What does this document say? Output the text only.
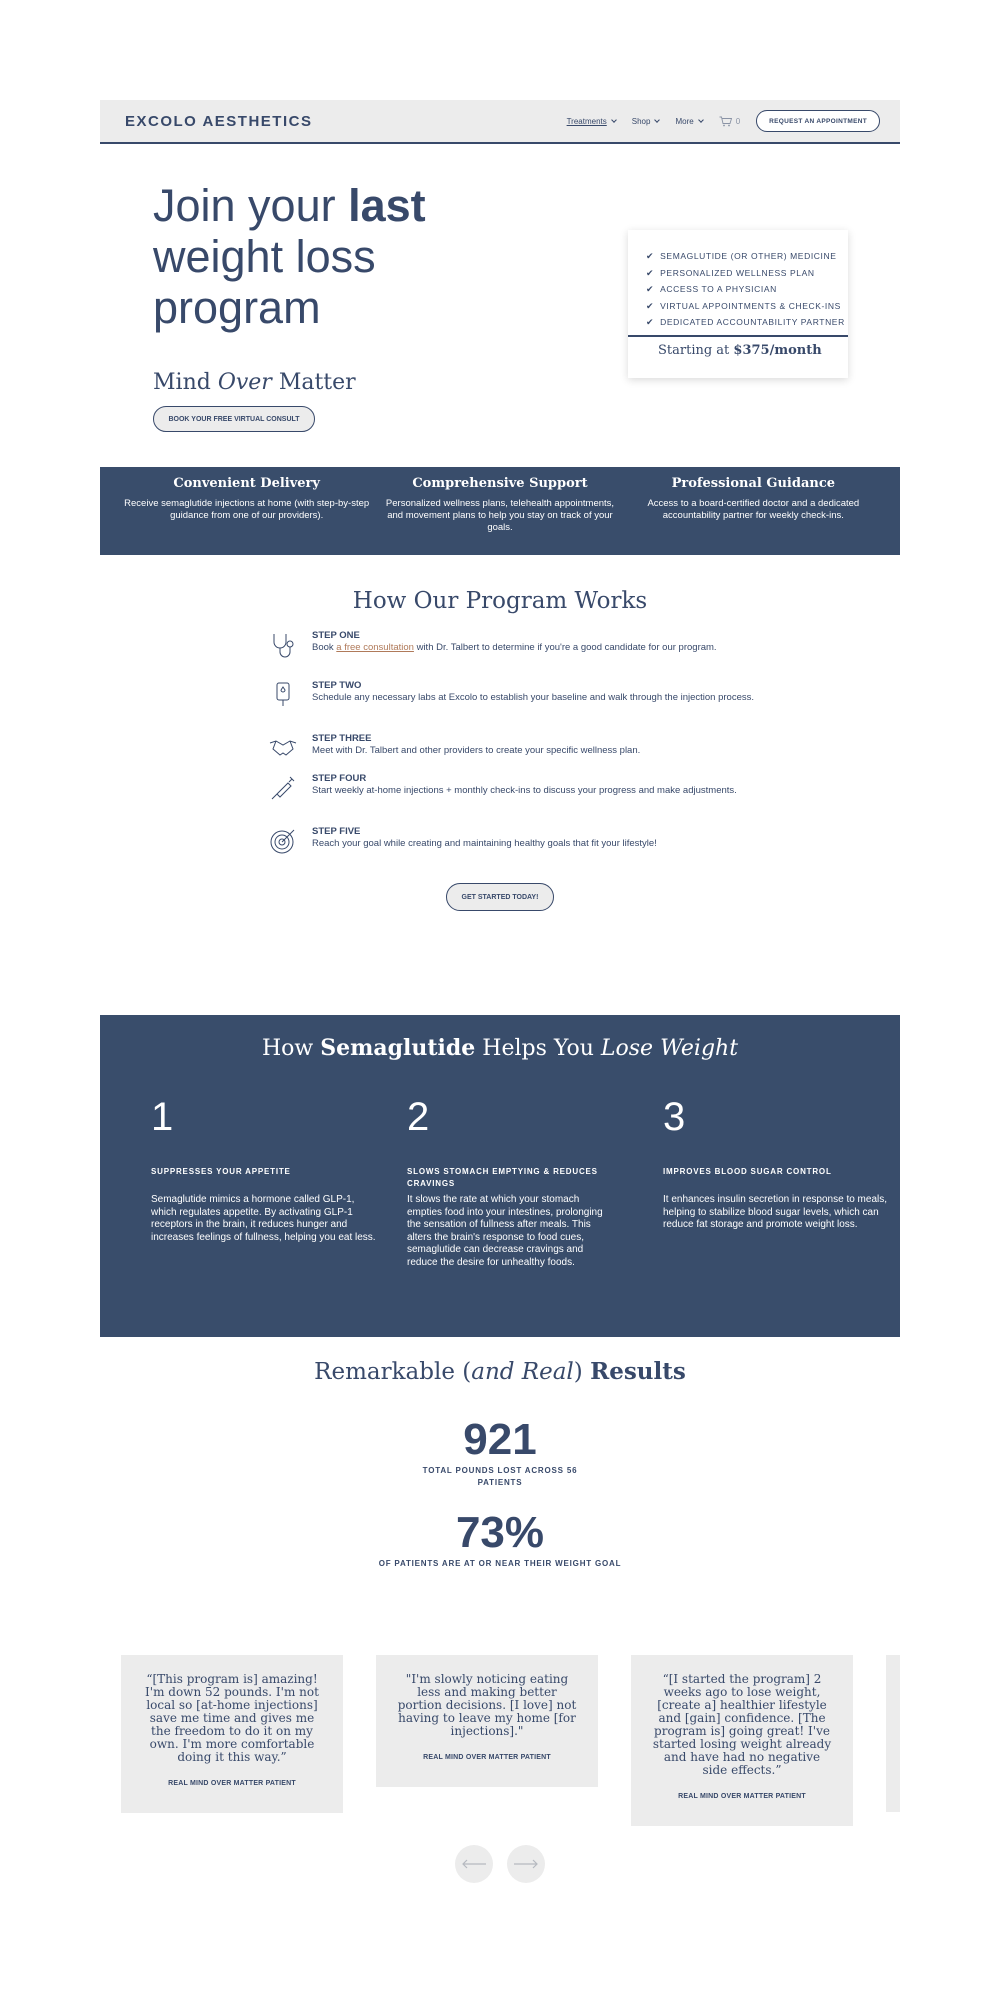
EXCOLO AESTHETICS	Treatments	Shop	More	0	REQUEST AN APPOINTMENT
Join your last weight loss program
Mind Over Matter
BOOK YOUR FREE VIRTUAL CONSULT
✔ SEMAGLUTIDE (OR OTHER) MEDICINE
✔ PERSONALIZED WELLNESS PLAN
✔ ACCESS TO A PHYSICIAN
✔ VIRTUAL APPOINTMENTS & CHECK-INS
✔ DEDICATED ACCOUNTABILITY PARTNER
Starting at $375/month
Convenient Delivery

Receive semaglutide injections at home (with step-by-step guidance from one of our providers).

Comprehensive Support

Personalized wellness plans, telehealth appointments, and movement plans to help you stay on track of your goals.

Professional Guidance

Access to a board-certified doctor and a dedicated accountability partner for weekly check-ins.

How Our Program Works
STEP ONE
Book a free consultation with Dr. Talbert to determine if you're a good candidate for our program.
STEP TWO
Schedule any necessary labs at Excolo to establish your baseline and walk through the injection process.
STEP THREE
Meet with Dr. Talbert and other providers to create your specific wellness plan.
STEP FOUR
Start weekly at-home injections + monthly check-ins to discuss your progress and make adjustments.
STEP FIVE
Reach your goal while creating and maintaining healthy goals that fit your lifestyle!
GET STARTED TODAY!
How Semaglutide Helps You Lose Weight
1
SUPPRESSES YOUR APPETITE

Semaglutide mimics a hormone called GLP-1, which regulates appetite. By activating GLP-1 receptors in the brain, it reduces hunger and increases feelings of fullness, helping you eat less.

2
SLOWS STOMACH EMPTYING & REDUCES CRAVINGS

It slows the rate at which your stomach empties food into your intestines, prolonging the sensation of fullness after meals. This alters the brain's response to food cues, semaglutide can decrease cravings and reduce the desire for unhealthy foods.

3
IMPROVES BLOOD SUGAR CONTROL

It enhances insulin secretion in response to meals, helping to stabilize blood sugar levels, which can reduce fat storage and promote weight loss.

Remarkable (and Real) Results
921
TOTAL POUNDS LOST ACROSS 56
PATIENTS
73%
OF PATIENTS ARE AT OR NEAR THEIR WEIGHT GOAL

“[This program is] amazing! I'm down 52 pounds. I'm not local so [at-home injections] save me time and gives me the freedom to do it on my own. I'm more comfortable doing it this way.”

REAL MIND OVER MATTER PATIENT

"I'm slowly noticing eating less and making better portion decisions. [I love] not having to leave my home [for injections]."

REAL MIND OVER MATTER PATIENT

“[I started the program] 2 weeks ago to lose weight, [create a] healthier lifestyle and [gain] confidence. [The program is] going great! I've started losing weight already and have had no negative side effects.”

REAL MIND OVER MATTER PATIENT
